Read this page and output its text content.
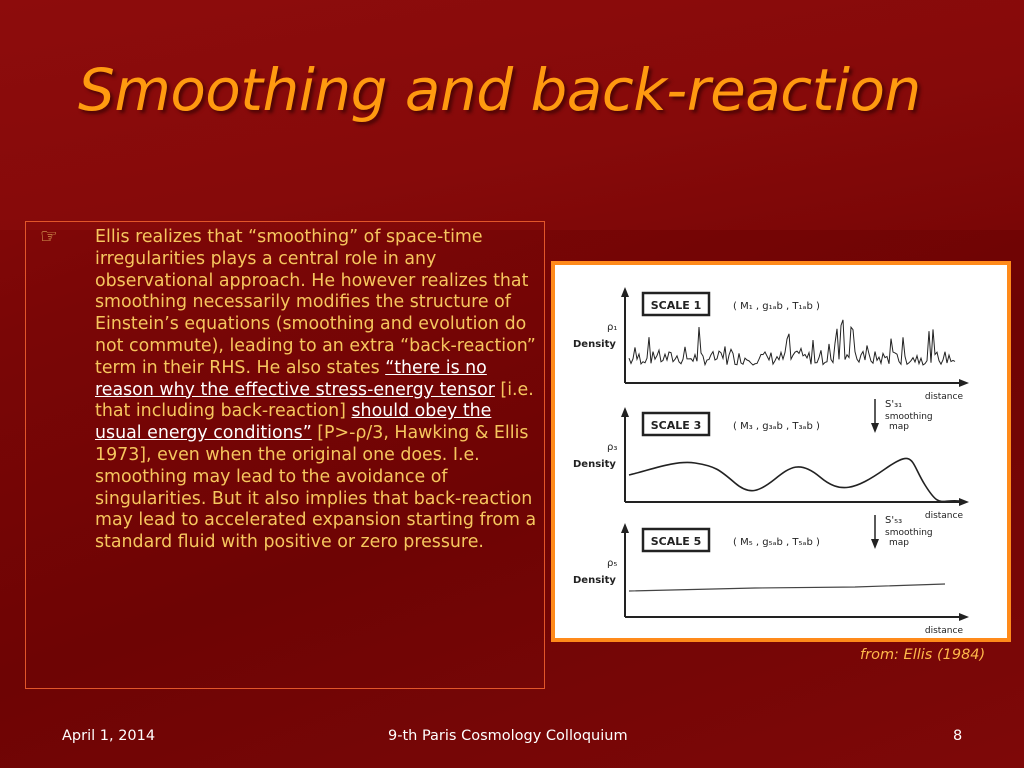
Smoothing and back-reaction
☞ Ellis realizes that “smoothing” of space-time irregularities plays a central role in any observational approach. He however realizes that smoothing necessarily modifies the structure of Einstein’s equations (smoothing and evolution do not commute), leading to an extra “back-reaction” term in their RHS. He also states “there is no reason why the effective stress-energy tensor [i.e. that including back-reaction] should obey the usual energy conditions” [P>-ρ/3, Hawking & Ellis 1973], even when the original one does. I.e. smoothing may lead to the avoidance of singularities. But it also implies that back-reaction may lead to accelerated expansion starting from a standard fluid with positive or zero pressure.
SCALE 1	( M₁ , g₁ₐb , T₁ₐb )
ρ₁
Density
distance
SCALE 3	( M₃ , g₃ₐb , T₃ₐb )
ρ₃
Density
distance
S'₃₁
smoothing
map
SCALE 5	( M₅ , g₅ₐb , T₅ₐb )
ρ₅
Density
distance
S'₅₃
smoothing
map
from: Ellis (1984)
April 1, 2014	9-th Paris Cosmology Colloquium	8
